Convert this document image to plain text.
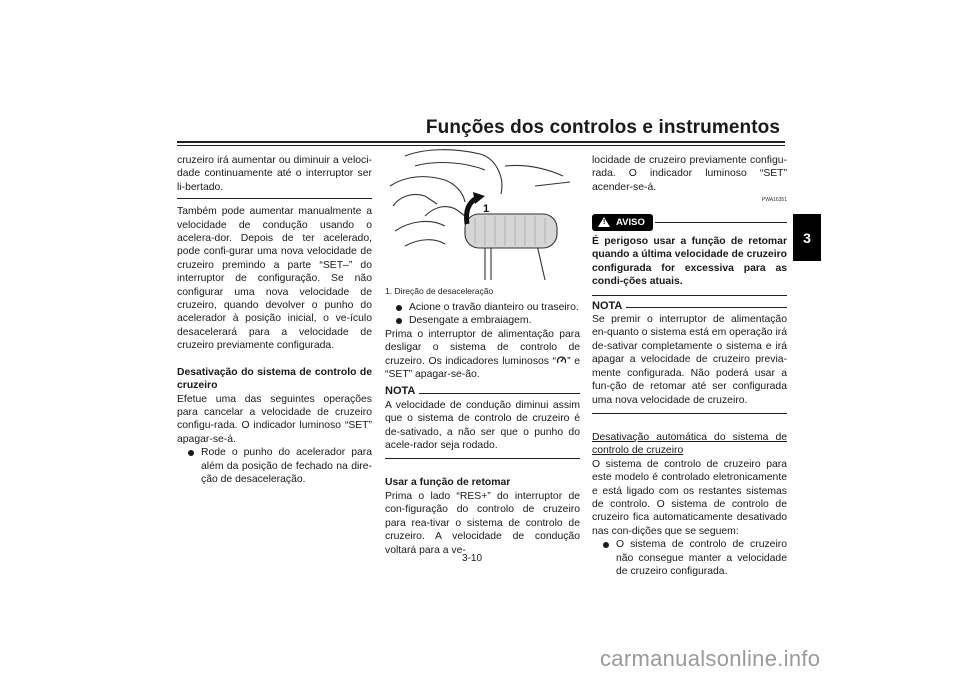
Funções dos controlos e instrumentos
3

cruzeiro irá aumentar ou diminuir a veloci-dade continuamente até o interruptor ser li-bertado.

Também pode aumentar manualmente a velocidade de condução usando o acelera-dor. Depois de ter acelerado, pode confi-gurar uma nova velocidade de cruzeiro premindo a parte “SET–” do interruptor de configuração. Se não configurar uma nova velocidade de cruzeiro, quando devolver o punho do acelerador à posição inicial, o ve-ículo desacelerará para a velocidade de cruzeiro previamente configurada.

Desativação do sistema de controlo de cruzeiro

Efetue uma das seguintes operações para cancelar a velocidade de cruzeiro configu-rada. O indicador luminoso “SET” apagar-se-á.

Rode o punho do acelerador para além da posição de fechado na dire-ção de desaceleração.
1
1. Direção de desaceleração
Acione o travão dianteiro ou traseiro.
Desengate a embraiagem.

Prima o interruptor de alimentação para desligar o sistema de controlo de cruzeiro. Os indicadores luminosos “ ” e “SET” apagar-se-ão.

NOTA

A velocidade de condução diminui assim que o sistema de controlo de cruzeiro é de-sativado, a não ser que o punho do acele-rador seja rodado.

Usar a função de retomar

Prima o lado “RES+” do interruptor de con-figuração do controlo de cruzeiro para rea-tivar o sistema de controlo de cruzeiro. A velocidade de condução voltará para a ve-

locidade de cruzeiro previamente configu-rada. O indicador luminoso “SET” acender-se-á.

PWA16351
! AVISO

É perigoso usar a função de retomar quando a última velocidade de cruzeiro configurada for excessiva para as condi-ções atuais.

NOTA

Se premir o interruptor de alimentação en-quanto o sistema está em operação irá de-sativar completamente o sistema e irá apagar a velocidade de cruzeiro previa-mente configurada. Não poderá usar a fun-ção de retomar até ser configurada uma nova velocidade de cruzeiro.

Desativação automática do sistema de controlo de cruzeiro

O sistema de controlo de cruzeiro para este modelo é controlado eletronicamente e está ligado com os restantes sistemas de controlo. O sistema de controlo de cruzeiro fica automaticamente desativado nas con-dições que se seguem:

O sistema de controlo de cruzeiro não consegue manter a velocidade de cruzeiro configurada.
3-10
carmanualsonline.info
